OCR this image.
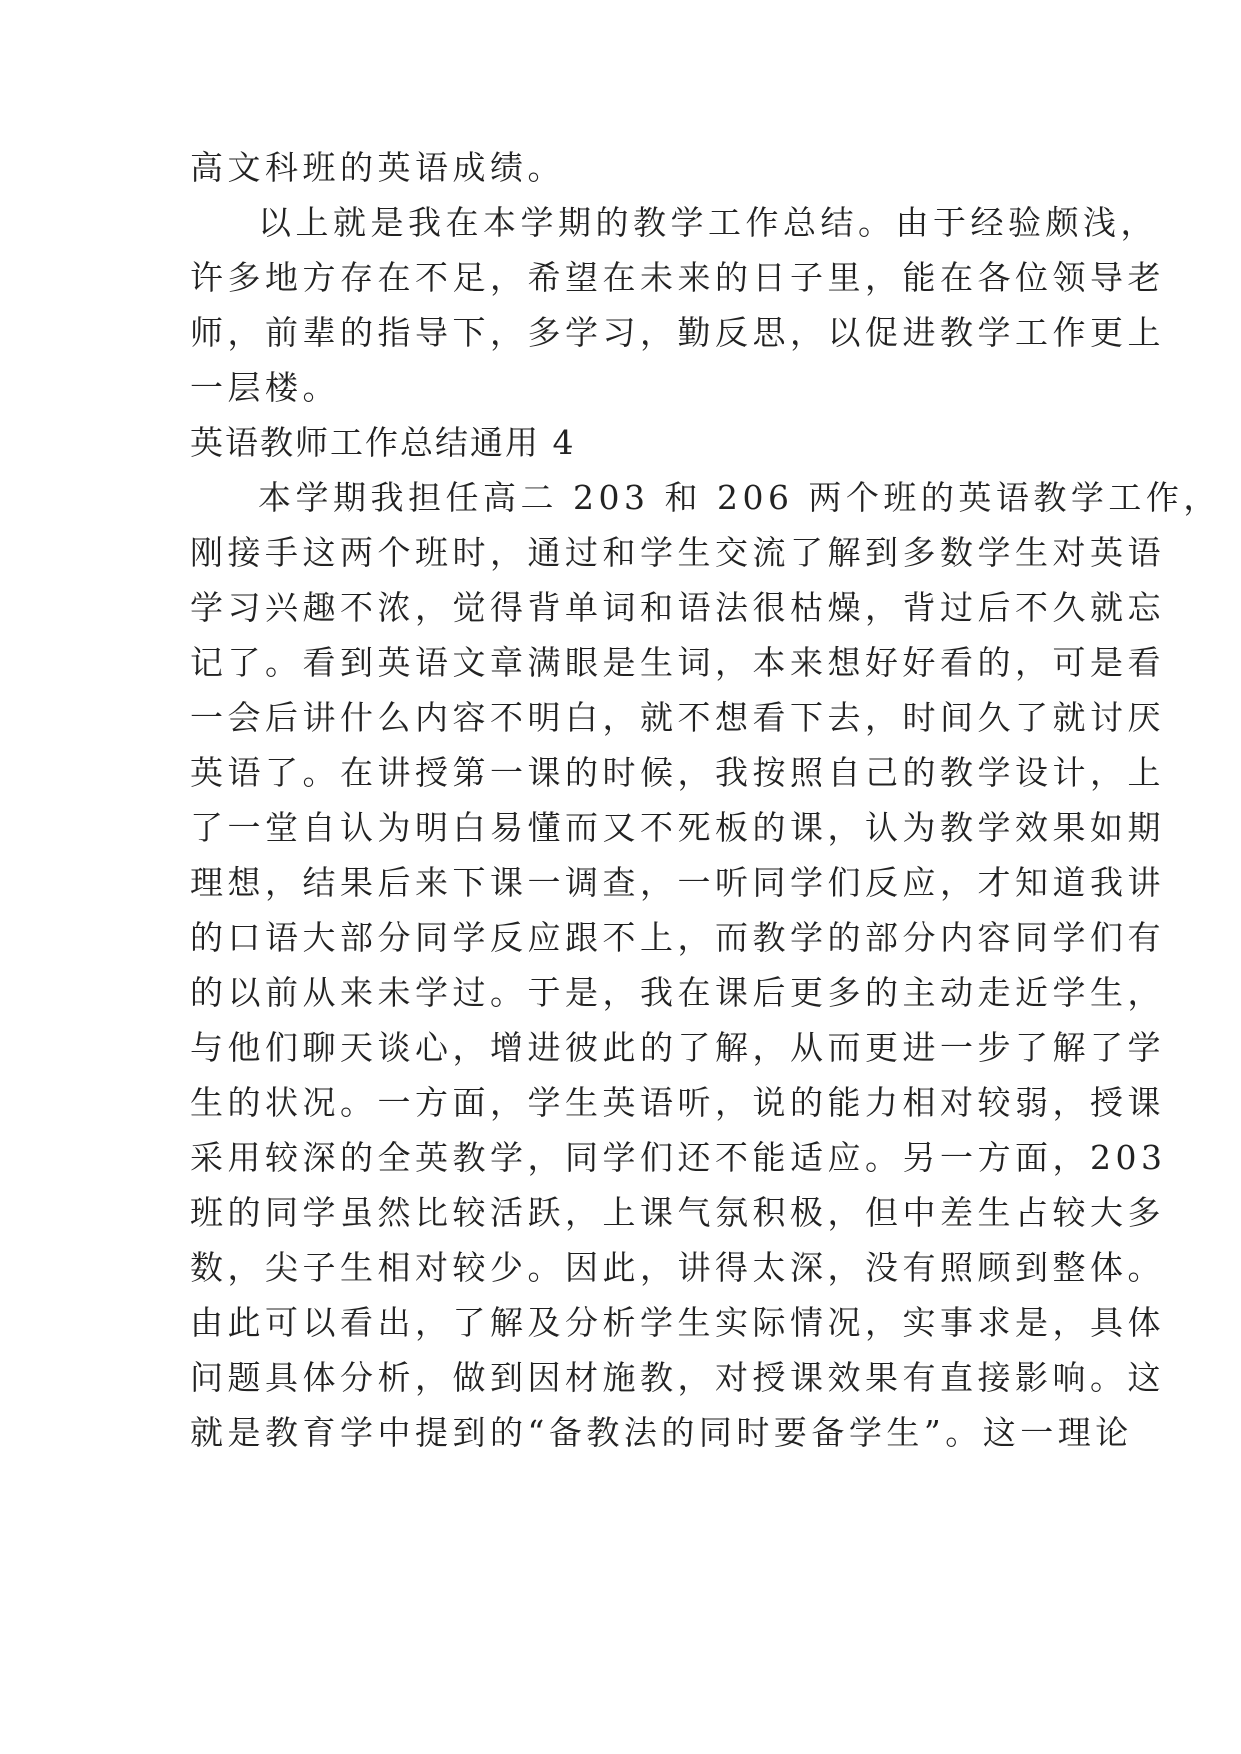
高文科班的英语成绩。
以上就是我在本学期的教学工作总结。由于经验颇浅，
许多地方存在不足，希望在未来的日子里，能在各位领导老
师，前辈的指导下，多学习，勤反思，以促进教学工作更上
一层楼。
英语教师工作总结通用 4
本学期我担任高二 203 和 206 两个班的英语教学工作，
刚接手这两个班时，通过和学生交流了解到多数学生对英语
学习兴趣不浓，觉得背单词和语法很枯燥，背过后不久就忘
记了。看到英语文章满眼是生词，本来想好好看的，可是看
一会后讲什么内容不明白，就不想看下去，时间久了就讨厌
英语了。在讲授第一课的时候，我按照自己的教学设计，上
了一堂自认为明白易懂而又不死板的课，认为教学效果如期
理想，结果后来下课一调查，一听同学们反应，才知道我讲
的口语大部分同学反应跟不上，而教学的部分内容同学们有
的以前从来未学过。于是，我在课后更多的主动走近学生，
与他们聊天谈心，增进彼此的了解，从而更进一步了解了学
生的状况。一方面，学生英语听，说的能力相对较弱，授课
采用较深的全英教学，同学们还不能适应。另一方面，203
班的同学虽然比较活跃，上课气氛积极，但中差生占较大多
数，尖子生相对较少。因此，讲得太深，没有照顾到整体。
由此可以看出，了解及分析学生实际情况，实事求是，具体
问题具体分析，做到因材施教，对授课效果有直接影响。这
就是教育学中提到的“备教法的同时要备学生”。这一理论
